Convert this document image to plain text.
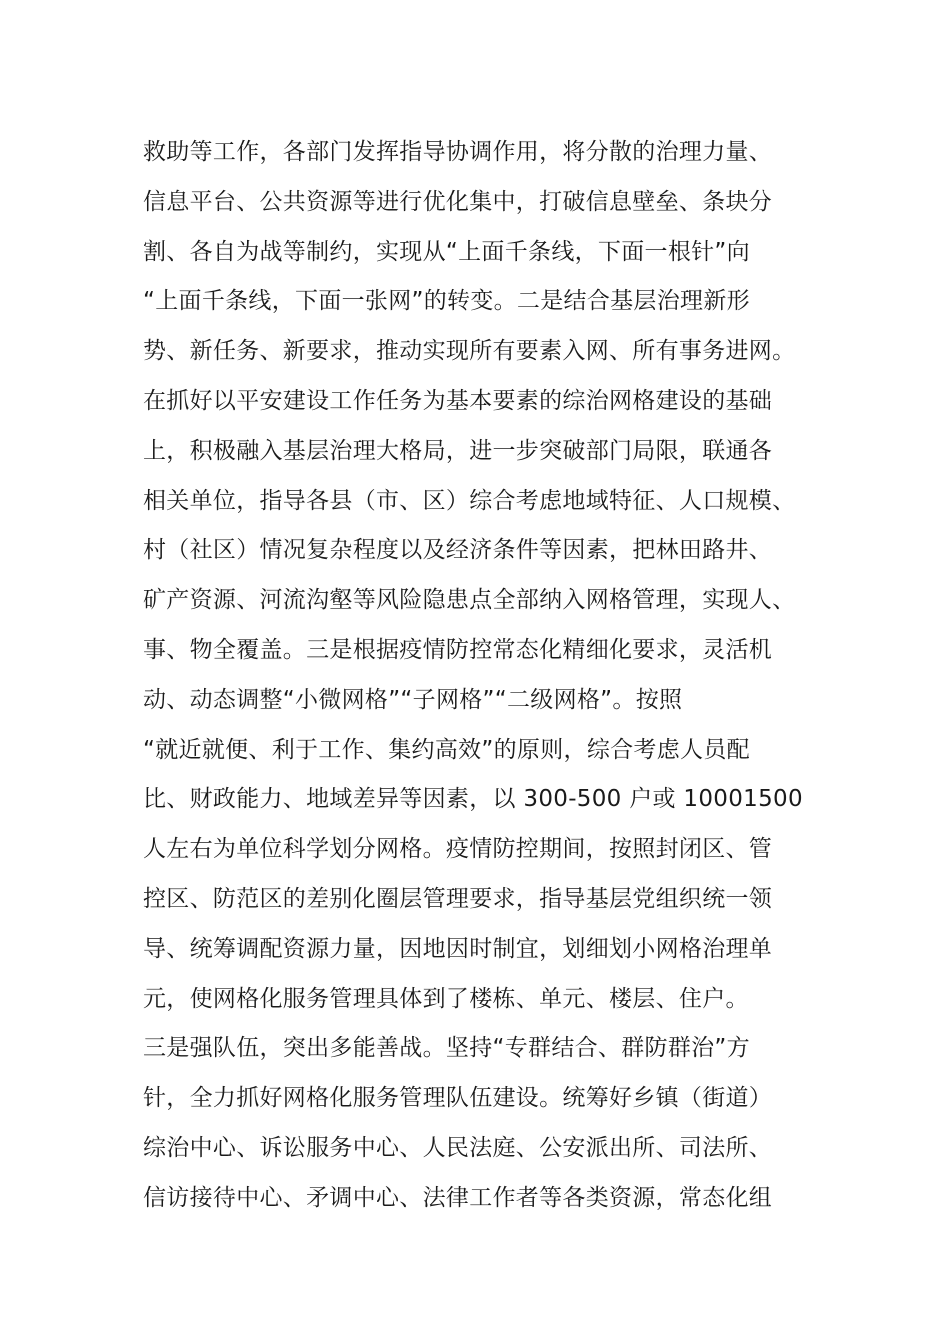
救助等工作，各部门发挥指导协调作用，将分散的治理力量、
信息平台、公共资源等进行优化集中，打破信息壁垒、条块分
割、各自为战等制约，实现从“上面千条线，下面一根针”向
“上面千条线，下面一张网”的转变。二是结合基层治理新形
势、新任务、新要求，推动实现所有要素入网、所有事务进网。
在抓好以平安建设工作任务为基本要素的综治网格建设的基础
上，积极融入基层治理大格局，进一步突破部门局限，联通各
相关单位，指导各县（市、区）综合考虑地域特征、人口规模、
村（社区）情况复杂程度以及经济条件等因素，把林田路井、
矿产资源、河流沟壑等风险隐患点全部纳入网格管理，实现人、
事、物全覆盖。三是根据疫情防控常态化精细化要求，灵活机
动、动态调整“小微网格”“子网格”“二级网格”。按照
“就近就便、利于工作、集约高效”的原则，综合考虑人员配
比、财政能力、地域差异等因素，以 300-500 户或 10001500
人左右为单位科学划分网格。疫情防控期间，按照封闭区、管
控区、防范区的差别化圈层管理要求，指导基层党组织统一领
导、统筹调配资源力量，因地因时制宜，划细划小网格治理单
元，使网格化服务管理具体到了楼栋、单元、楼层、住户。
三是强队伍，突出多能善战。坚持“专群结合、群防群治”方
针，全力抓好网格化服务管理队伍建设。统筹好乡镇（街道）
综治中心、诉讼服务中心、人民法庭、公安派出所、司法所、
信访接待中心、矛调中心、法律工作者等各类资源，常态化组
